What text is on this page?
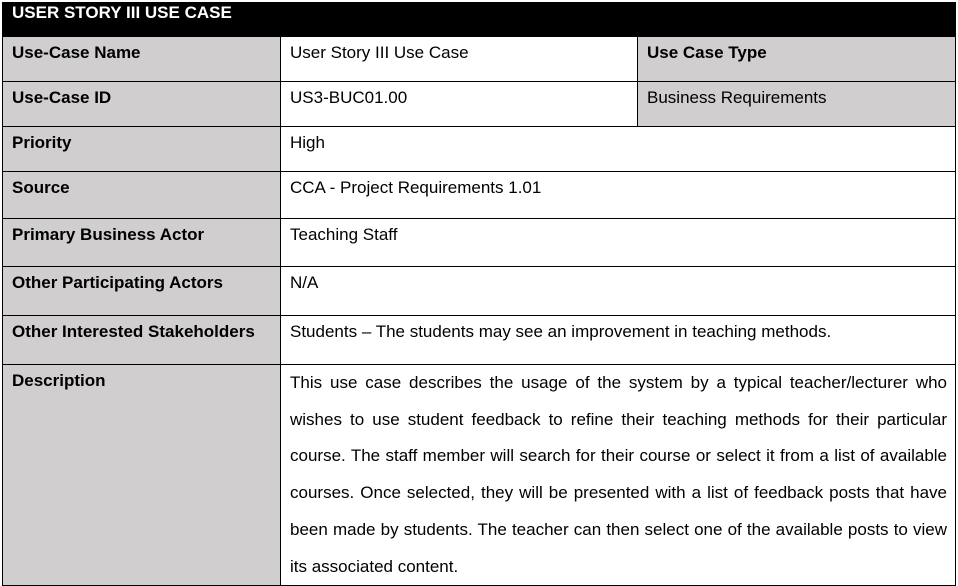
USER STORY III USE CASE		
Use-Case Name	User Story III Use Case	Use Case Type
Use-Case ID	US3-BUC01.00	Business Requirements
Priority	High	
Source	CCA - Project Requirements 1.01	
Primary Business Actor	Teaching Staff	
Other Participating Actors	N/A	
Other Interested Stakeholders	Students – The students may see an improvement in teaching methods.	
Description	This use case describes the usage of the system by a typical teacher/lecturer who wishes to use student feedback to refine their teaching methods for their particular course. The staff member will search for their course or select it from a list of available courses. Once selected, they will be presented with a list of feedback posts that have been made by students. The teacher can then select one of the available posts to view its associated content.	
